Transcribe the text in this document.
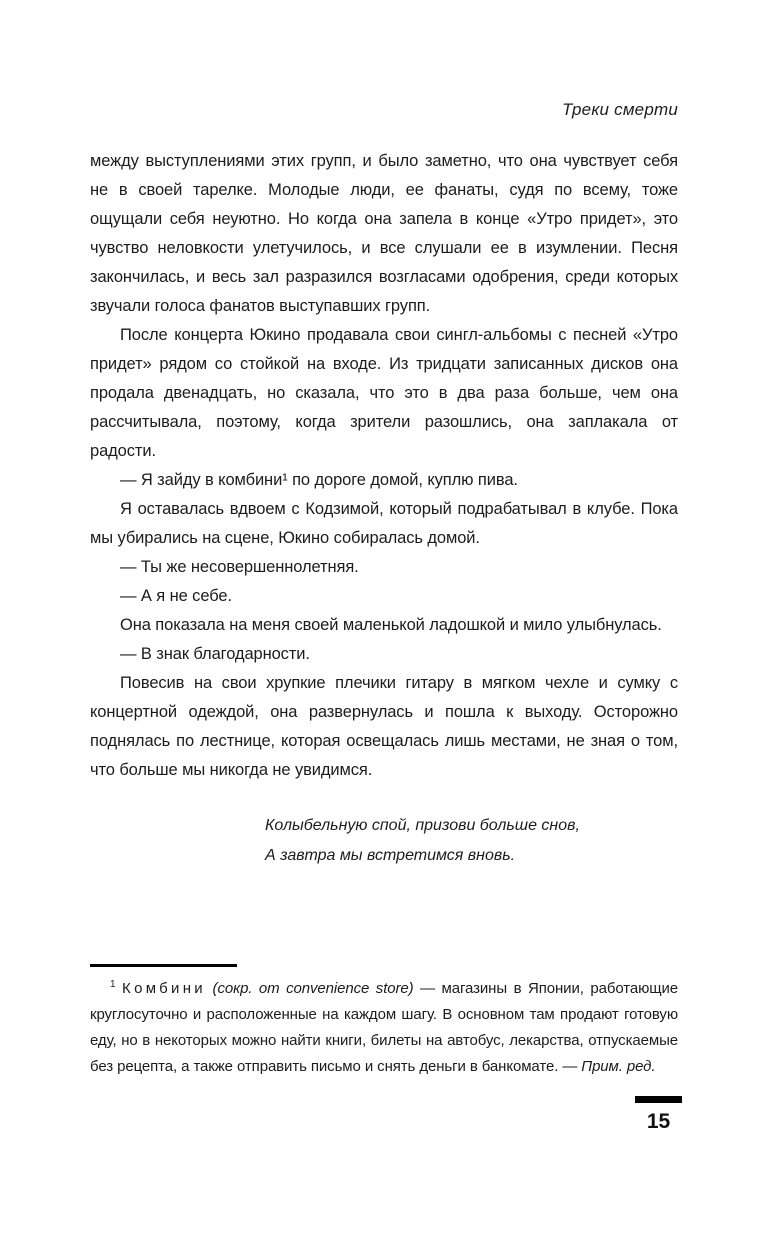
Треки смерти

между выступлениями этих групп, и было заметно, что она чувствует себя не в своей тарелке. Молодые люди, ее фанаты, судя по всему, тоже ощущали себя неуютно. Но когда она запела в конце «Утро придет», это чувство неловкости улетучилось, и все слушали ее в изумлении. Песня закончилась, и весь зал разразился возгласами одобрения, среди которых звучали голоса фанатов выступавших групп.

После концерта Юкино продавала свои сингл-альбомы с песней «Утро придет» рядом со стойкой на входе. Из тридцати записанных дисков она продала двенадцать, но сказала, что это в два раза больше, чем она рассчитывала, поэтому, когда зрители разошлись, она заплакала от радости.

— Я зайду в комбини¹ по дороге домой, куплю пива.

Я оставалась вдвоем с Кодзимой, который подрабатывал в клубе. Пока мы убирались на сцене, Юкино собиралась домой.

— Ты же несовершеннолетняя.

— А я не себе.

Она показала на меня своей маленькой ладошкой и мило улыбнулась.

— В знак благодарности.

Повесив на свои хрупкие плечики гитару в мягком чехле и сумку с концертной одеждой, она развернулась и пошла к выходу. Осторожно поднялась по лестнице, которая освещалась лишь местами, не зная о том, что больше мы никогда не увидимся.

Колыбельную спой, призови больше снов,
А завтра мы встретимся вновь.

$^1$ Комбини (сокр. от convenience store) — магазины в Японии, работающие круглосуточно и расположенные на каждом шагу. В основном там продают готовую еду, но в некоторых можно найти книги, билеты на автобус, лекарства, отпускаемые без рецепта, а также отправить письмо и снять деньги в банкомате. — Прим. ред.

15
